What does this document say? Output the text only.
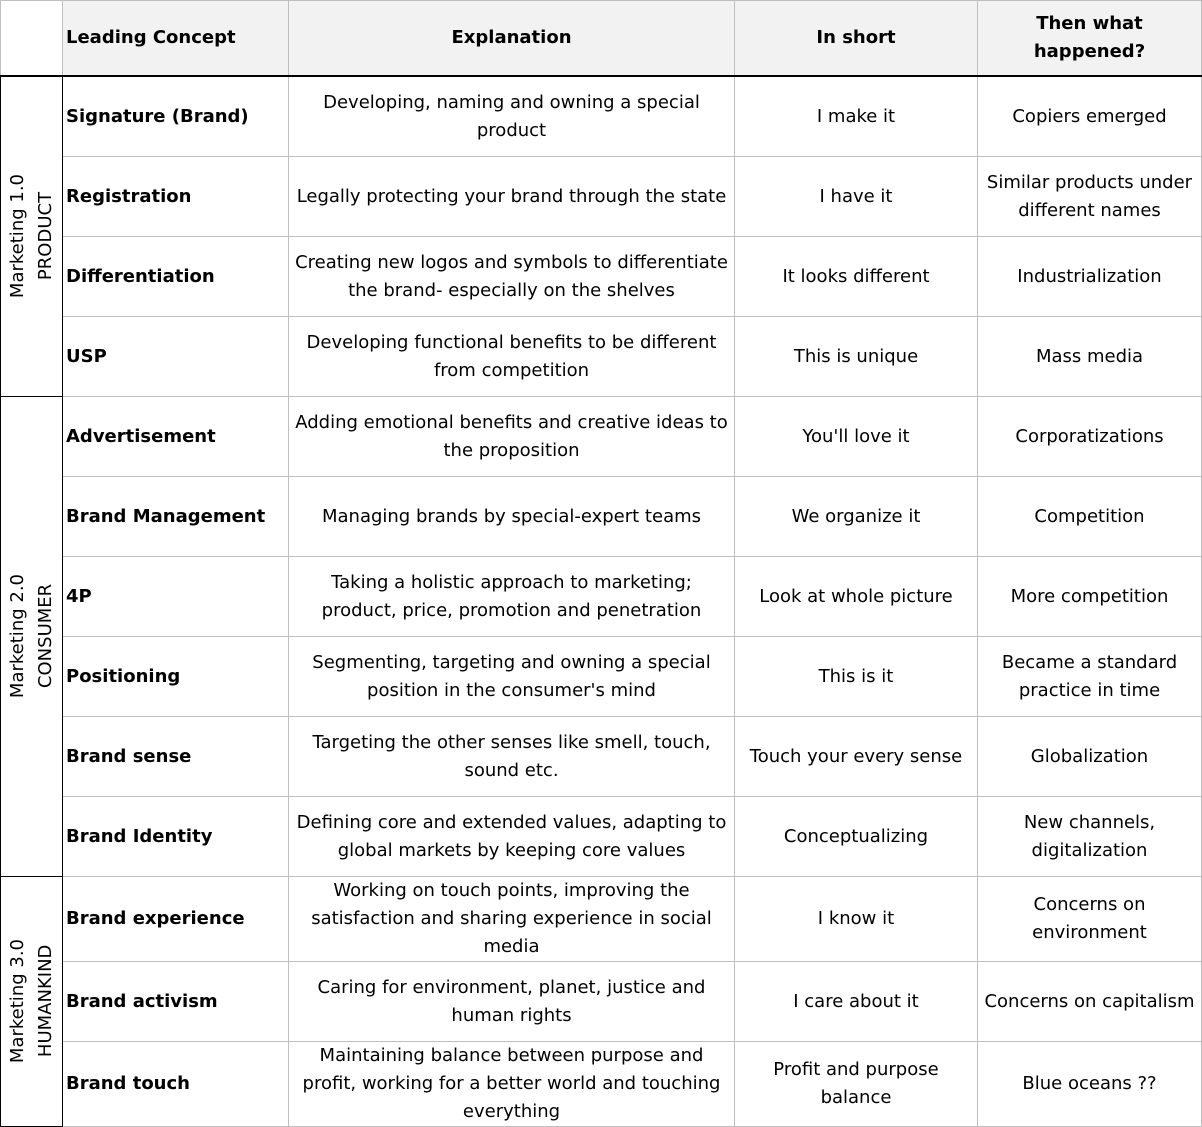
	Leading Concept	Explanation	In short	Then what happened?

Marketing 1.0 PRODUCT	Signature (Brand)	Developing, naming and owning a special product	I make it	Copiers emerged
	Registration	Legally protecting your brand through the state	I have it	Similar products under different names
	Differentiation	Creating new logos and symbols to differentiate the brand- especially on the shelves	It looks different	Industrialization
	USP	Developing functional benefits to be different from competition	This is unique	Mass media

Marketing 2.0 CONSUMER	Advertisement	Adding emotional benefits and creative ideas to the proposition	You'll love it	Corporatizations
	Brand Management	Managing brands by special-expert teams	We organize it	Competition
	4P	Taking a holistic approach to marketing; product, price, promotion and penetration	Look at whole picture	More competition
	Positioning	Segmenting, targeting and owning a special position in the consumer's mind	This is it	Became a standard practice in time
	Brand sense	Targeting the other senses like smell, touch, sound etc.	Touch your every sense	Globalization
	Brand Identity	Defining core and extended values, adapting to global markets by keeping core values	Conceptualizing	New channels, digitalization

Marketing 3.0 HUMANKIND	Brand experience	Working on touch points, improving the satisfaction and sharing experience in social media	I know it	Concerns on environment
	Brand activism	Caring for environment, planet, justice and human rights	I care about it	Concerns on capitalism
	Brand touch	Maintaining balance between purpose and profit, working for a better world and touching everything	Profit and purpose balance	Blue oceans ??
